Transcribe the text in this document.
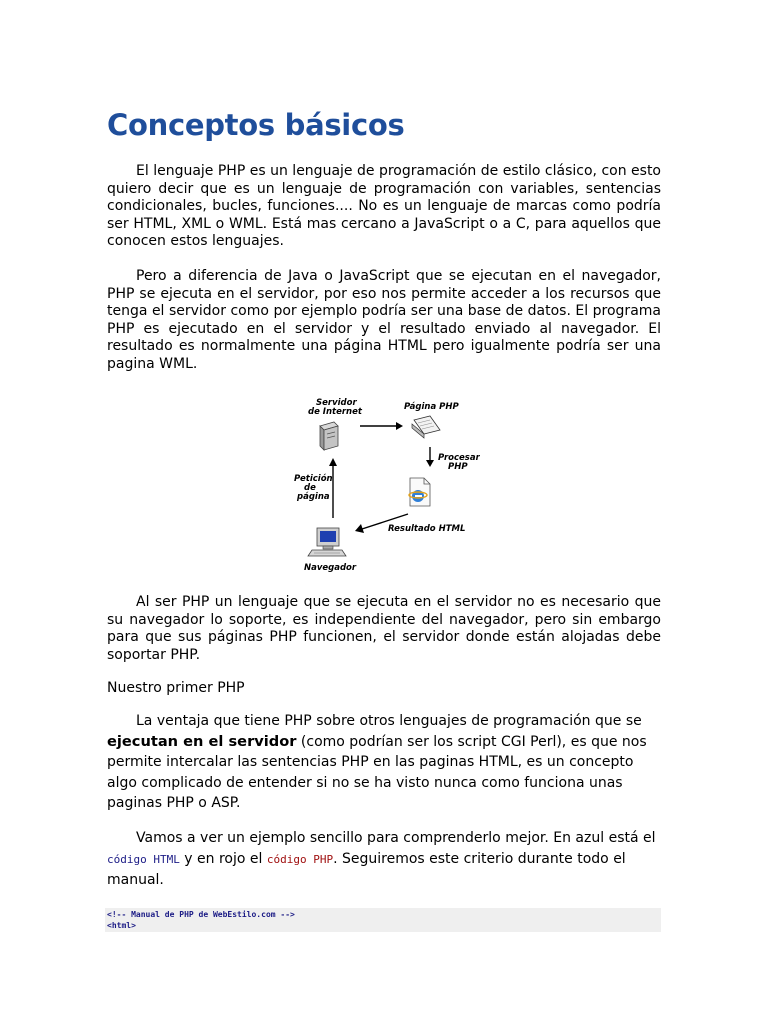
Conceptos básicos

El lenguaje PHP es un lenguaje de programación de estilo clásico, con esto quiero decir que es un lenguaje de programación con variables, sentencias condicionales, bucles, funciones.... No es un lenguaje de marcas como podría ser HTML, XML o WML. Está mas cercano a JavaScript o a C, para aquellos que conocen estos lenguajes.

Pero a diferencia de Java o JavaScript que se ejecutan en el navegador, PHP se ejecuta en el servidor, por eso nos permite acceder a los recursos que tenga el servidor como por ejemplo podría ser una base de datos. El programa PHP es ejecutado en el servidor y el resultado enviado al navegador. El resultado es normalmente una página HTML pero igualmente podría ser una pagina WML.

Servidor
de Internet	Página PHP
Procesar
PHP
Petición
de
página
Resultado HTML
Navegador

Al ser PHP un lenguaje que se ejecuta en el servidor no es necesario que su navegador lo soporte, es independiente del navegador, pero sin embargo para que sus páginas PHP funcionen, el servidor donde están alojadas debe soportar PHP.

Nuestro primer PHP

La ventaja que tiene PHP sobre otros lenguajes de programación que se ejecutan en el servidor (como podrían ser los script CGI Perl), es que nos permite intercalar las sentencias PHP en las paginas HTML, es un concepto algo complicado de entender si no se ha visto nunca como funciona unas paginas PHP o ASP.

Vamos a ver un ejemplo sencillo para comprenderlo mejor. En azul está el código HTML y en rojo el código PHP. Seguiremos este criterio durante todo el manual.

<!-- Manual de PHP de WebEstilo.com -->
<html>
